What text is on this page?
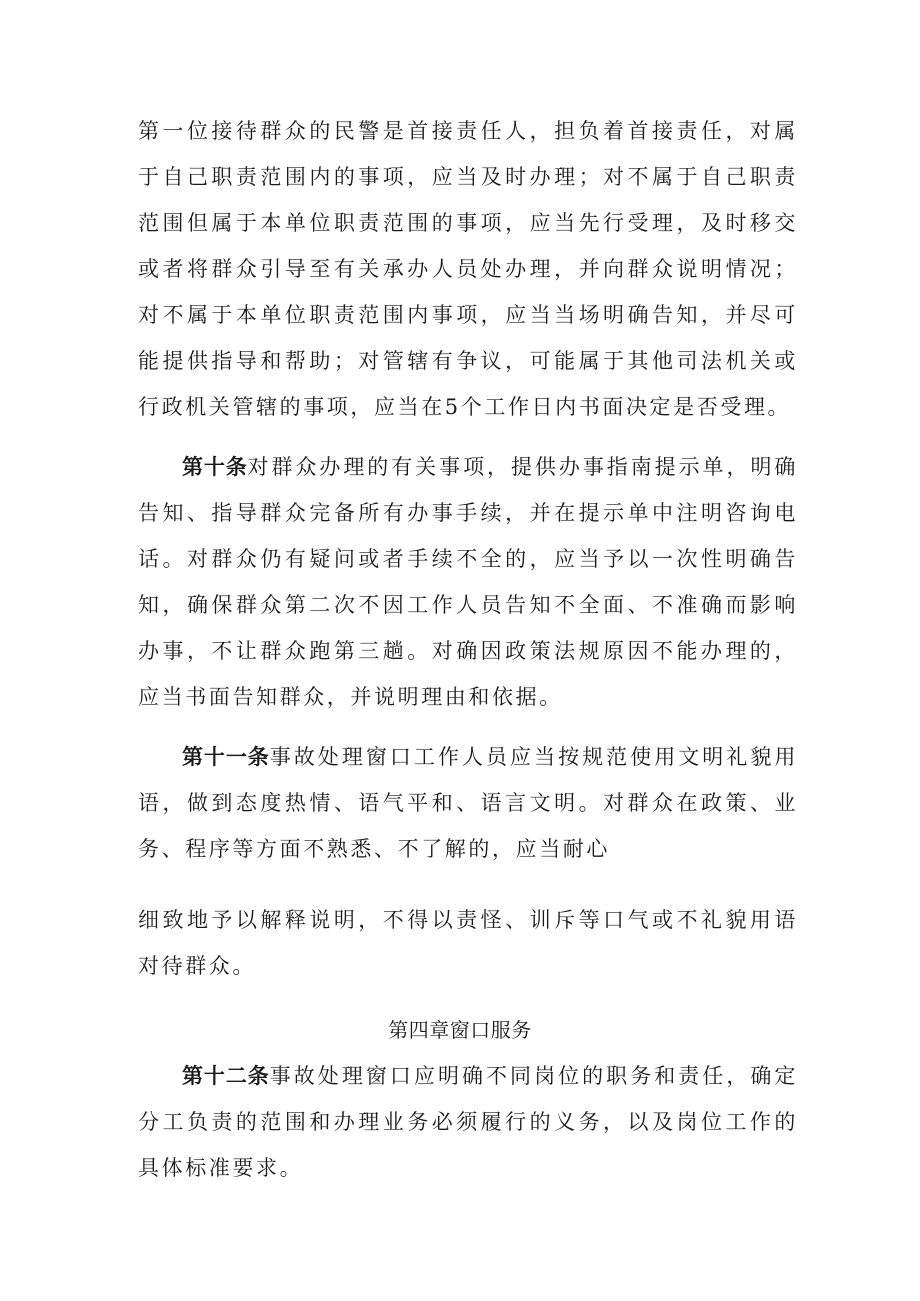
第一位接待群众的民警是首接责任人，担负着首接责任，对属于自己职责范围内的事项，应当及时办理；对不属于自己职责范围但属于本单位职责范围的事项，应当先行受理，及时移交或者将群众引导至有关承办人员处办理，并向群众说明情况；对不属于本单位职责范围内事项，应当当场明确告知，并尽可能提供指导和帮助；对管辖有争议，可能属于其他司法机关或行政机关管辖的事项，应当在5个工作日内书面决定是否受理。

第十条对群众办理的有关事项，提供办事指南提示单，明确告知、指导群众完备所有办事手续，并在提示单中注明咨询电话。对群众仍有疑问或者手续不全的，应当予以一次性明确告知，确保群众第二次不因工作人员告知不全面、不准确而影响办事，不让群众跑第三趟。对确因政策法规原因不能办理的，应当书面告知群众，并说明理由和依据。

第十一条事故处理窗口工作人员应当按规范使用文明礼貌用语，做到态度热情、语气平和、语言文明。对群众在政策、业务、程序等方面不熟悉、不了解的，应当耐心

细致地予以解释说明，不得以责怪、训斥等口气或不礼貌用语对待群众。

第四章窗口服务

第十二条事故处理窗口应明确不同岗位的职务和责任，确定分工负责的范围和办理业务必须履行的义务，以及岗位工作的具体标准要求。
